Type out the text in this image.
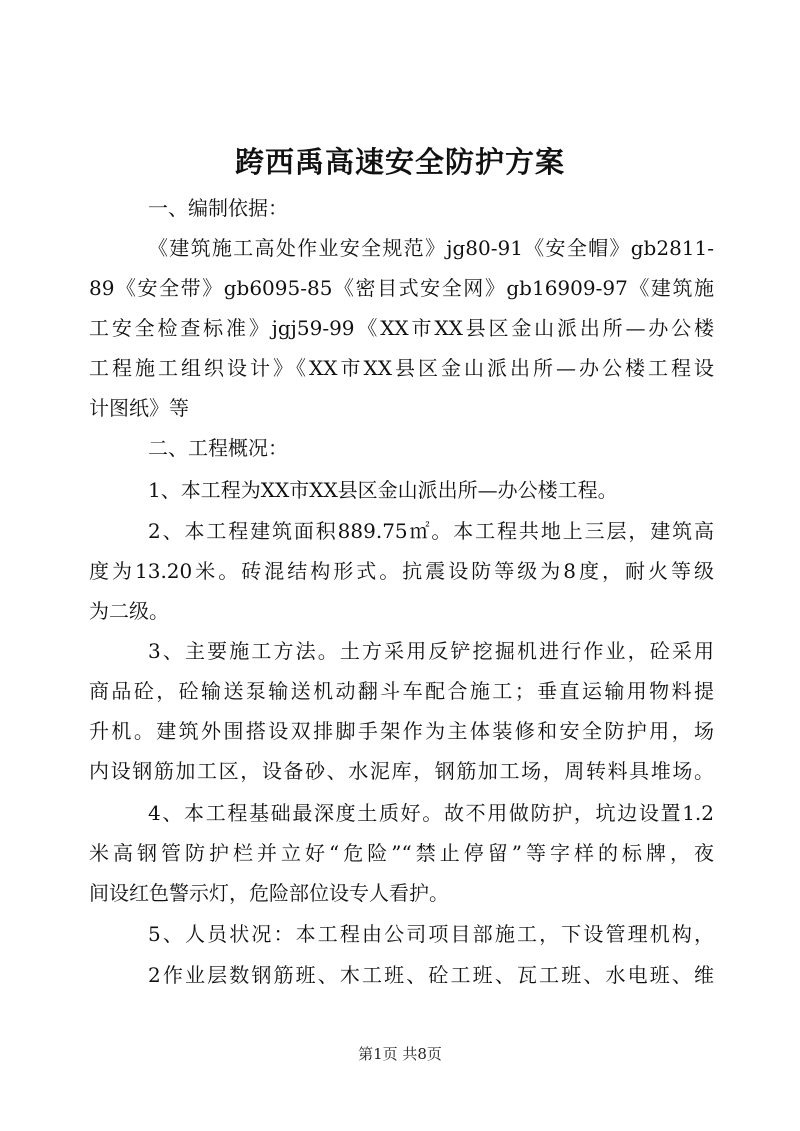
跨西禹高速安全防护方案

一、编制依据：

《建筑施工高处作业安全规范》jg80-91《安全帽》gb2811-

89《安全带》gb6095-85《密目式安全网》gb16909-97《建筑施

工安全检查标准》jgj59-99《XX市XX县区金山派出所—办公楼

工程施工组织设计》《XX市XX县区金山派出所—办公楼工程设

计图纸》等

二、工程概况：

1、本工程为XX市XX县区金山派出所—办公楼工程。

2、本工程建筑面积889.75㎡。本工程共地上三层，建筑高

度为13.20米。砖混结构形式。抗震设防等级为8度，耐火等级

为二级。

3、主要施工方法。土方采用反铲挖掘机进行作业，砼采用

商品砼，砼输送泵输送机动翻斗车配合施工；垂直运输用物料提

升机。建筑外围搭设双排脚手架作为主体装修和安全防护用，场

内设钢筋加工区，设备砂、水泥库，钢筋加工场，周转料具堆场。

4、本工程基础最深度土质好。故不用做防护，坑边设置1.2

米高钢管防护栏并立好“危险”“禁止停留”等字样的标牌，夜

间设红色警示灯，危险部位设专人看护。

5、人员状况：本工程由公司项目部施工，下设管理机构，

2作业层数钢筋班、木工班、砼工班、瓦工班、水电班、维

第1页 共8页
